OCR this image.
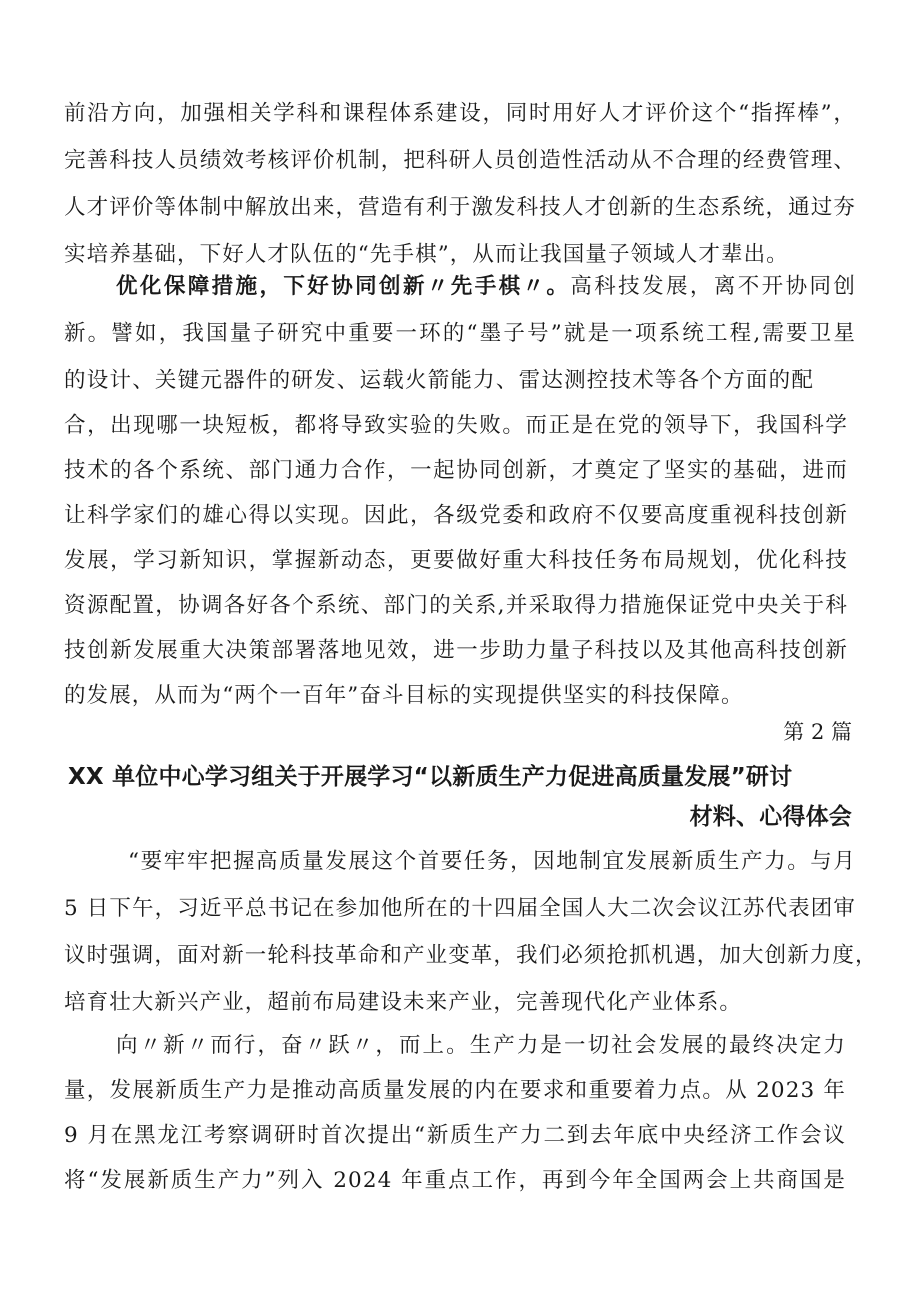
前沿方向，加强相关学科和课程体系建设，同时用好人才评价这个“指挥棒”，
完善科技人员绩效考核评价机制，把科研人员创造性活动从不合理的经费管理、
人才评价等体制中解放出来，营造有利于激发科技人才创新的生态系统，通过夯
实培养基础，下好人才队伍的“先手棋”，从而让我国量子领域人才辈出。
优化保障措施，下好协同创新〃先手棋〃。高科技发展，离不开协同创
新。譬如，我国量子研究中重要一环的“墨子号”就是一项系统工程,需要卫星
的设计、关键元器件的研发、运载火箭能力、雷达测控技术等各个方面的配
合，出现哪一块短板，都将导致实验的失败。而正是在党的领导下，我国科学
技术的各个系统、部门通力合作，一起协同创新，才奠定了坚实的基础，进而
让科学家们的雄心得以实现。因此，各级党委和政府不仅要高度重视科技创新
发展，学习新知识，掌握新动态，更要做好重大科技任务布局规划，优化科技
资源配置，协调各好各个系统、部门的关系,并采取得力措施保证党中央关于科
技创新发展重大决策部署落地见效，进一步助力量子科技以及其他高科技创新
的发展，从而为“两个一百年”奋斗目标的实现提供坚实的科技保障。
第 2 篇
XX 单位中心学习组关于开展学习“以新质生产力促进高质量发展”研讨
材料、心得体会
“要牢牢把握高质量发展这个首要任务，因地制宜发展新质生产力。与月
5 日下午，习近平总书记在参加他所在的十四届全国人大二次会议江苏代表团审
议时强调，面对新一轮科技革命和产业变革，我们必须抢抓机遇，加大创新力度，
培育壮大新兴产业，超前布局建设未来产业，完善现代化产业体系。
向〃新〃而行，奋〃跃〃，而上。生产力是一切社会发展的最终决定力
量，发展新质生产力是推动高质量发展的内在要求和重要着力点。从 2023 年
9 月在黑龙江考察调研时首次提出“新质生产力二到去年底中央经济工作会议
将“发展新质生产力”列入 2024 年重点工作，再到今年全国两会上共商国是
